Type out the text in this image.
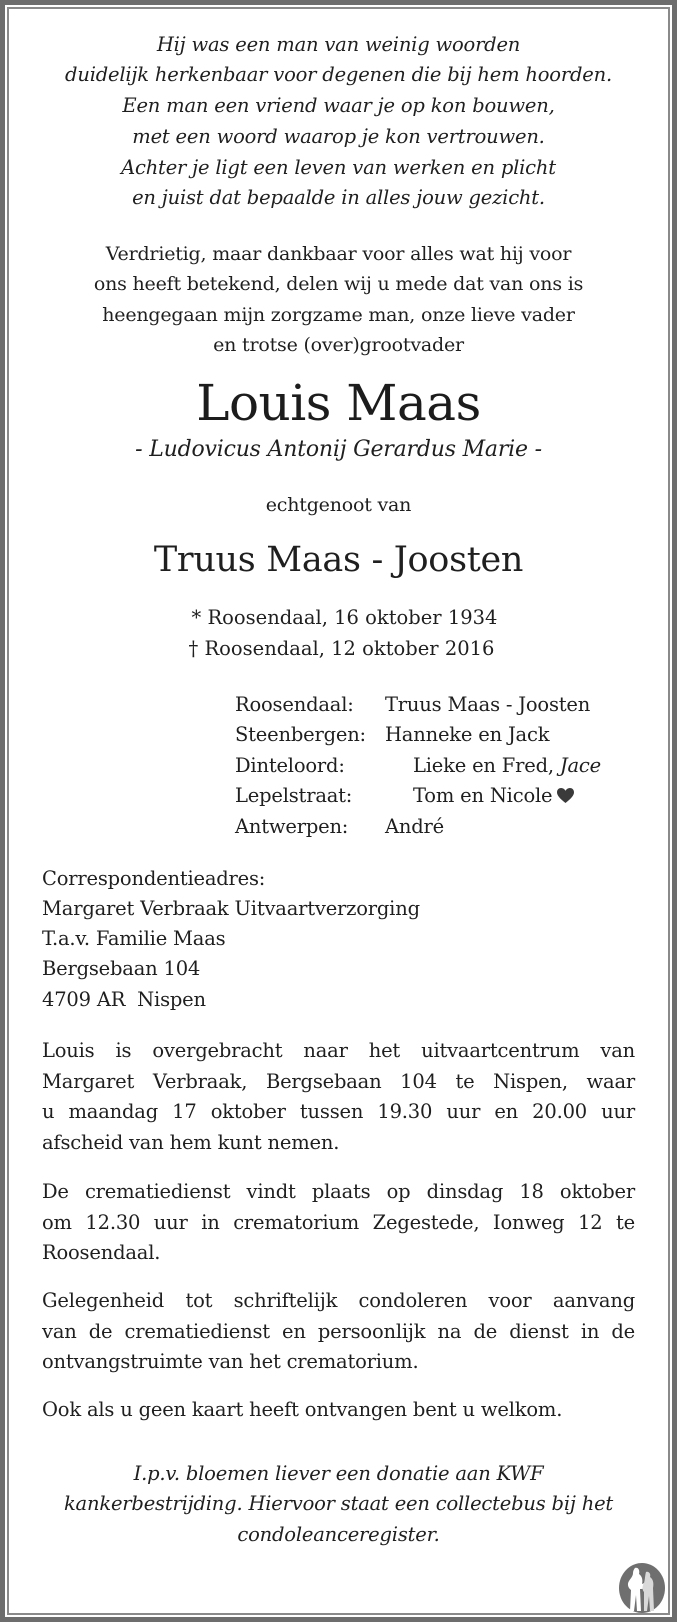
Hij was een man van weinig woorden
duidelijk herkenbaar voor degenen die bij hem hoorden.
Een man een vriend waar je op kon bouwen,
met een woord waarop je kon vertrouwen.
Achter je ligt een leven van werken en plicht
en juist dat bepaalde in alles jouw gezicht.
Verdrietig, maar dankbaar voor alles wat hij voor
ons heeft betekend, delen wij u mede dat van ons is
heengegaan mijn zorgzame man, onze lieve vader
en trotse (over)grootvader
Louis Maas
- Ludovicus Antonij Gerardus Marie -
echtgenoot van
Truus Maas - Joosten
* Roosendaal, 16 oktober 1934
† Roosendaal, 12 oktober 2016
Roosendaal: Truus Maas - Joosten
Steenbergen: Hanneke en Jack
Dinteloord:	Lieke en Fred, Jace
Lepelstraat:	Tom en Nicole
Antwerpen: André
Correspondentieadres:
Margaret Verbraak Uitvaartverzorging
T.a.v. Familie Maas
Bergsebaan 104
4709 AR  Nispen
Louis is overgebracht naar het uitvaartcentrum van
Margaret Verbraak, Bergsebaan 104 te Nispen, waar
u maandag 17 oktober tussen 19.30 uur en 20.00 uur
afscheid van hem kunt nemen.
De crematiedienst vindt plaats op dinsdag 18 oktober
om 12.30 uur in crematorium Zegestede, Ionweg 12 te
Roosendaal.
Gelegenheid tot schriftelijk condoleren voor aanvang
van de crematiedienst en persoonlijk na de dienst in de
ontvangstruimte van het crematorium.
Ook als u geen kaart heeft ontvangen bent u welkom.
I.p.v. bloemen liever een donatie aan KWF
kankerbestrijding. Hiervoor staat een collectebus bij het
condoleanceregister.
